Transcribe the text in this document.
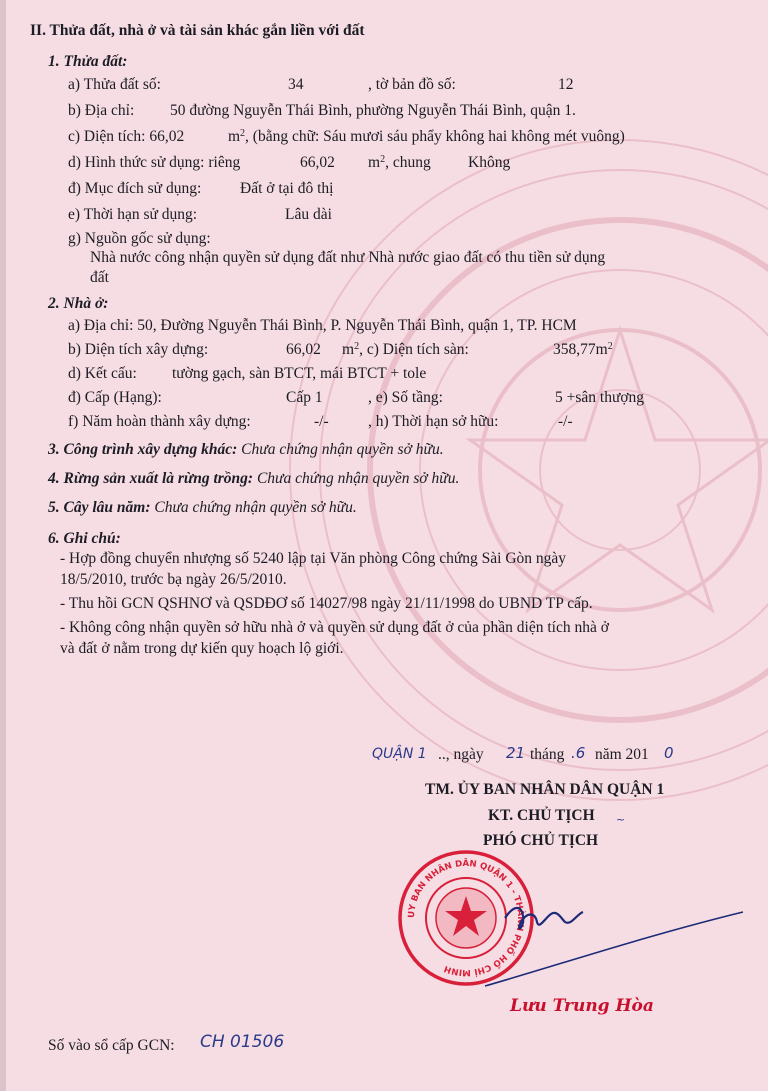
II. Thửa đất, nhà ở và tài sản khác gắn liền với đất
1. Thửa đất:
a) Thửa đất số:	34	, tờ bản đồ số:	12
b) Địa chỉ: 50 đường Nguyễn Thái Bình, phường Nguyễn Thái Bình, quận 1.
c) Diện tích: 66,02	$m^2$, (bằng chữ: Sáu mươi sáu phẩy không hai không mét vuông)
d) Hình thức sử dụng: riêng	66,02 $m^2$, chung Không
đ) Mục đích sử dụng:	Đất ở tại đô thị
e) Thời hạn sử dụng:	Lâu dài
g) Nguồn gốc sử dụng:
Nhà nước công nhận quyền sử dụng đất như Nhà nước giao đất có thu tiền sử dụng
đất
2. Nhà ở:
a) Địa chỉ: 50, Đường Nguyễn Thái Bình, P. Nguyễn Thái Bình, quận 1, TP. HCM
b) Diện tích xây dựng:	66,02 $m^2$, c) Diện tích sàn:	$358,77m^2$
d) Kết cấu: tường gạch, sàn BTCT, mái BTCT + tole
đ) Cấp (Hạng):	Cấp 1	, e) Số tầng:	5 +sân thượng
f) Năm hoàn thành xây dựng:	-/-	, h) Thời hạn sở hữu:	-/-
3. Công trình xây dựng khác: Chưa chứng nhận quyền sở hữu.
4. Rừng sản xuất là rừng trồng: Chưa chứng nhận quyền sở hữu.
5. Cây lâu năm: Chưa chứng nhận quyền sở hữu.
6. Ghi chú:
- Hợp đồng chuyển nhượng số 5240 lập tại Văn phòng Công chứng Sài Gòn ngày
18/5/2010, trước bạ ngày 26/5/2010.
- Thu hồi GCN QSHNƠ và QSDĐƠ số 14027/98 ngày 21/11/1998 do UBND TP cấp.
- Không công nhận quyền sở hữu nhà ở và quyền sử dụng đất ở của phần diện tích nhà ở
và đất ở nằm trong dự kiến quy hoạch lộ giới.
QUẬN 1 .., ngày 21 tháng .6 năm 201 0
TM. ỦY BAN NHÂN DÂN QUẬN 1
KT. CHỦ TỊCH
PHÓ CHỦ TỊCH
UY BAN NHÂN DÂN QUẬN 1 - THÀNH PHỐ HỒ CHÍ MINH
~
Lưu Trung Hòa
Số vào sổ cấp GCN: CH 01506
